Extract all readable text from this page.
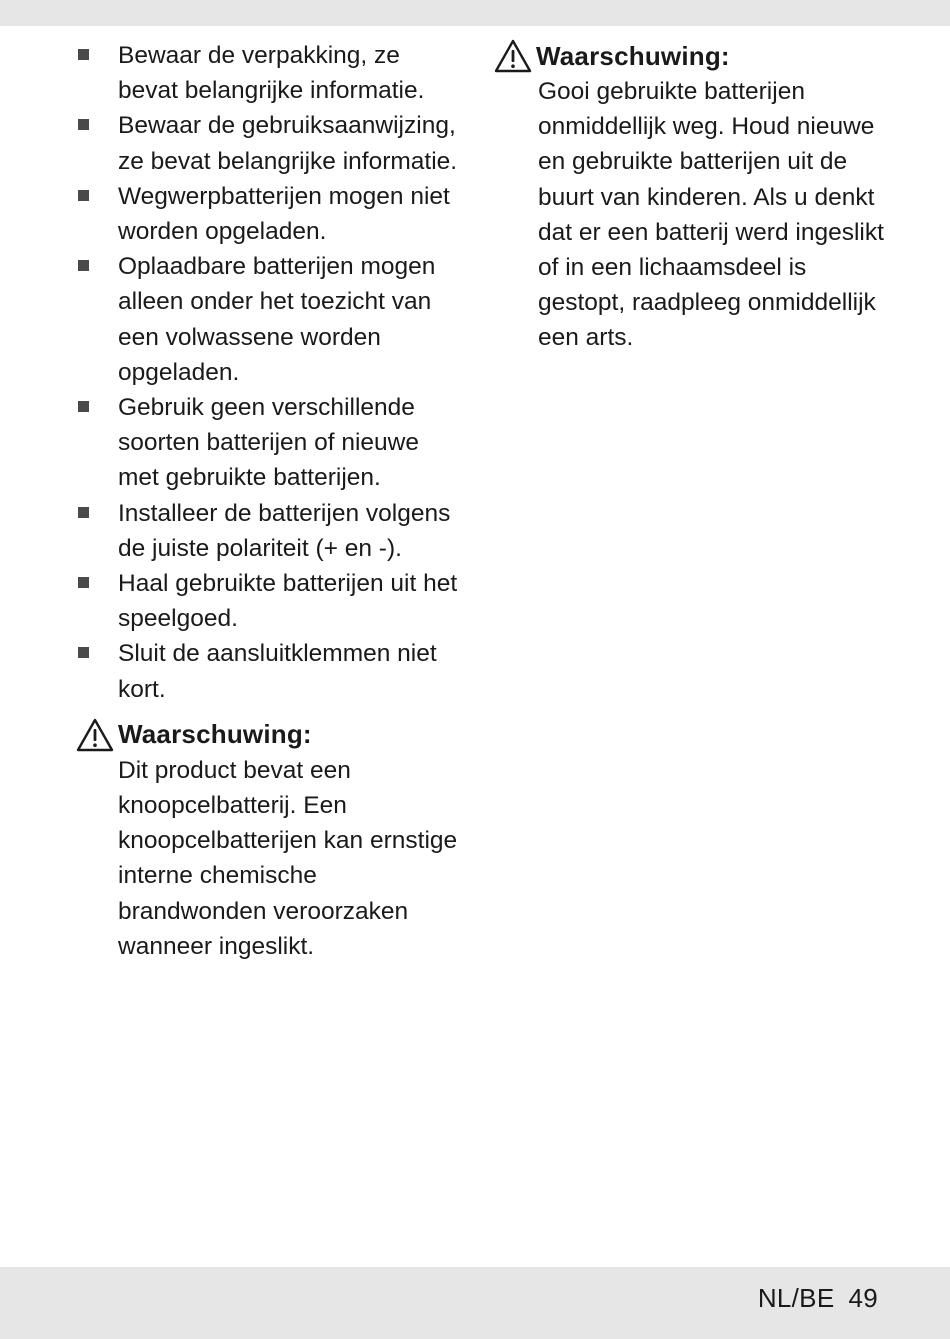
Bewaar de verpakking, ze bevat belangrijke informatie.
Bewaar de gebruiksaanwijzing, ze bevat belangrijke informatie.
Wegwerpbatterijen mogen niet worden opgeladen.
Oplaadbare batterijen mogen alleen onder het toezicht van een volwassene worden opgeladen.
Gebruik geen verschillende soorten batterijen of nieuwe met gebruikte batterijen.
Installeer de batterijen volgens de juiste polariteit (+ en -).
Haal gebruikte batterijen uit het speelgoed.
Sluit de aansluitklemmen niet kort.
Waarschuwing:
Dit product bevat een knoopcelbatterij. Een knoopcelbatterijen kan ernstige interne chemische brandwonden veroorzaken wanneer ingeslikt.
Waarschuwing:
Gooi gebruikte batterijen onmiddellijk weg. Houd nieuwe en gebruikte batterijen uit de buurt van kinderen. Als u denkt dat er een batterij werd ingeslikt of in een lichaamsdeel is gestopt, raadpleeg onmiddellijk een arts.
NL/BE 49
